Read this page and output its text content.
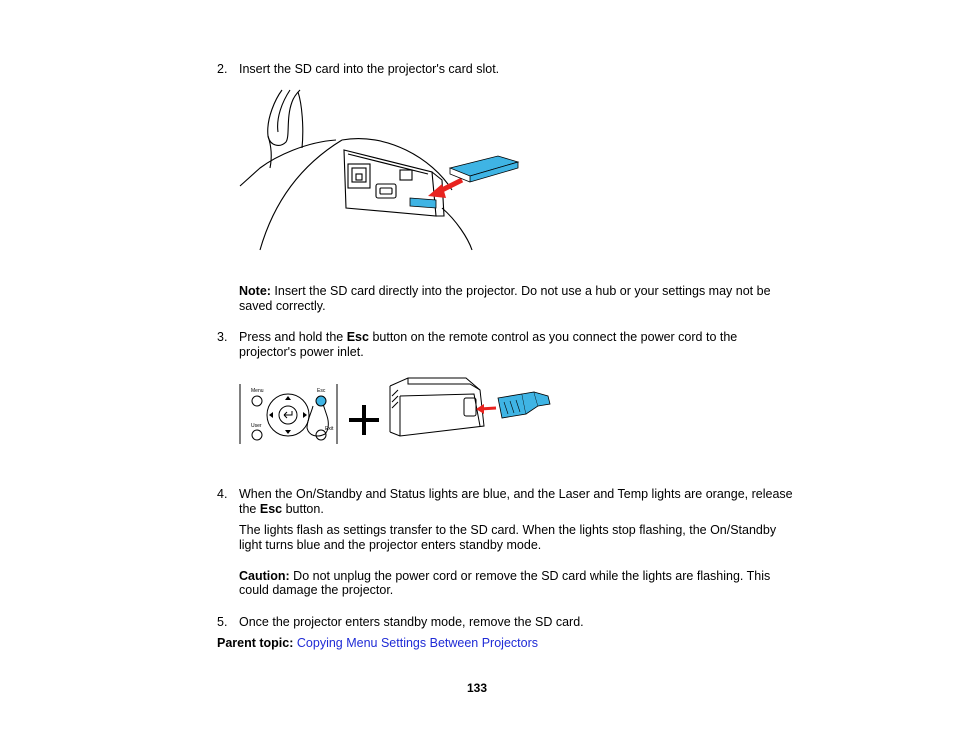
2. Insert the SD card into the projector's card slot.
Note: Insert the SD card directly into the projector. Do not use a hub or your settings may not be
saved correctly.
3. Press and hold the Esc button on the remote control as you connect the power cord to the
projector's power inlet.
Menu	Esc
User	Exit
4. When the On/Standby and Status lights are blue, and the Laser and Temp lights are orange, release
the Esc button.
The lights flash as settings transfer to the SD card. When the lights stop flashing, the On/Standby
light turns blue and the projector enters standby mode.
Caution: Do not unplug the power cord or remove the SD card while the lights are flashing. This
could damage the projector.
5. Once the projector enters standby mode, remove the SD card.
Parent topic: Copying Menu Settings Between Projectors
133
